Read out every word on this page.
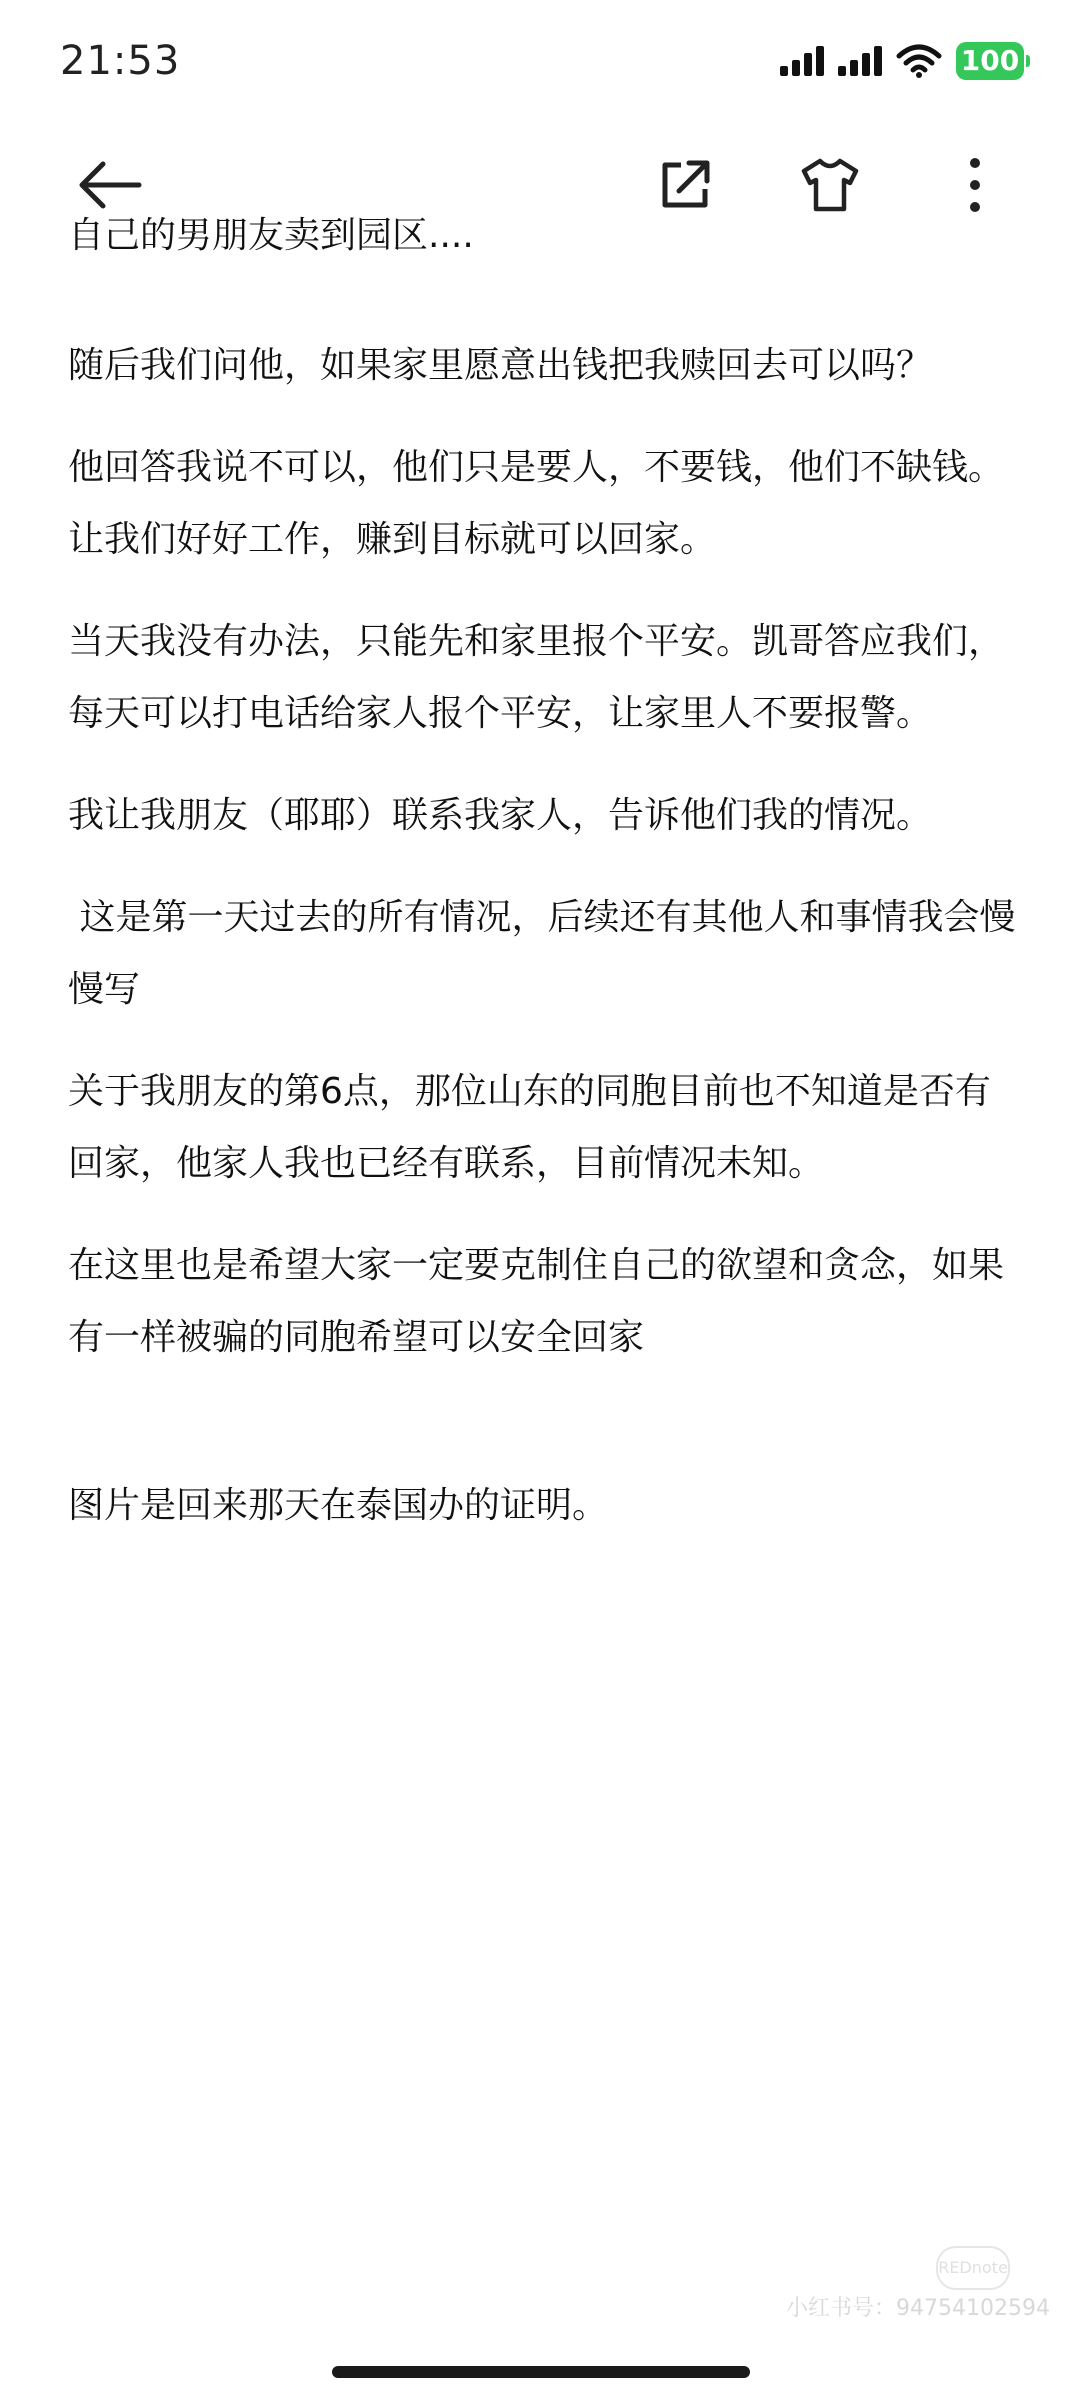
21:53	100
自己的男朋友卖到园区....

随后我们问他，如果家里愿意出钱把我赎回去可以吗？

他回答我说不可以，他们只是要人，不要钱，他们不缺钱。让我们好好工作，赚到目标就可以回家。

当天我没有办法，只能先和家里报个平安。凯哥答应我们，每天可以打电话给家人报个平安，让家里人不要报警。

我让我朋友（耶耶）联系我家人，告诉他们我的情况。

这是第一天过去的所有情况，后续还有其他人和事情我会慢慢写

关于我朋友的第6点，那位山东的同胞目前也不知道是否有回家，他家人我也已经有联系，目前情况未知。

在这里也是希望大家一定要克制住自己的欲望和贪念，如果有一样被骗的同胞希望可以安全回家

图片是回来那天在泰国办的证明。

REDnote
小红书号：94754102594
